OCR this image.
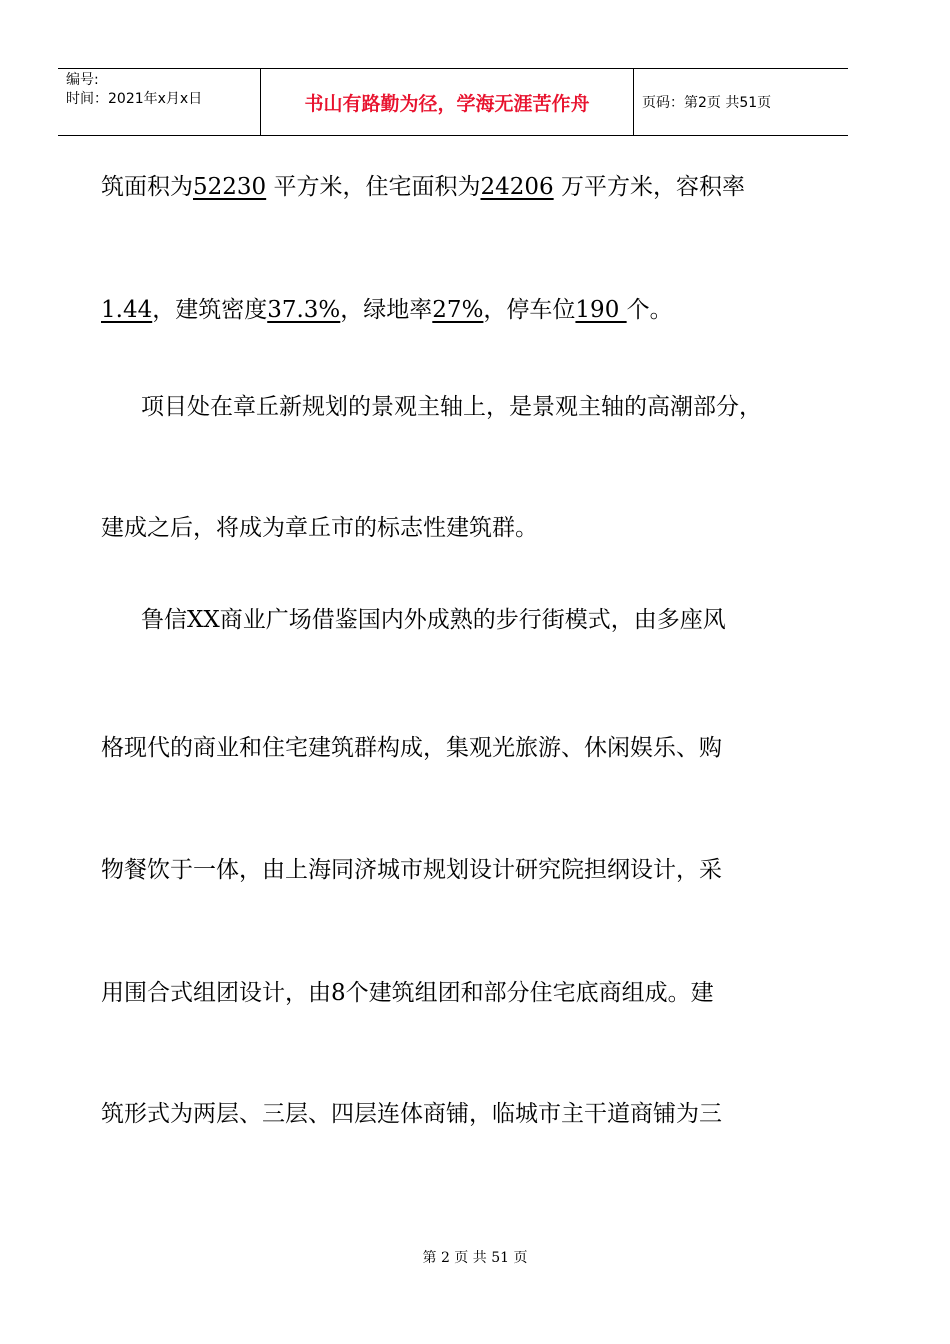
编号:
时间：2021年x月x日	书山有路勤为径，学海无涯苦作舟	页码：第2页 共51页
筑面积为52230 平方米，住宅面积为24206 万平方米，容积率
1.44，建筑密度37.3%，绿地率27%，停车位190 个。
项目处在章丘新规划的景观主轴上，是景观主轴的高潮部分，
建成之后，将成为章丘市的标志性建筑群。
鲁信XX商业广场借鉴国内外成熟的步行街模式，由多座风
格现代的商业和住宅建筑群构成，集观光旅游、休闲娱乐、购
物餐饮于一体，由上海同济城市规划设计研究院担纲设计，采
用围合式组团设计，由8个建筑组团和部分住宅底商组成。建
筑形式为两层、三层、四层连体商铺，临城市主干道商铺为三
第 2 页 共 51 页
